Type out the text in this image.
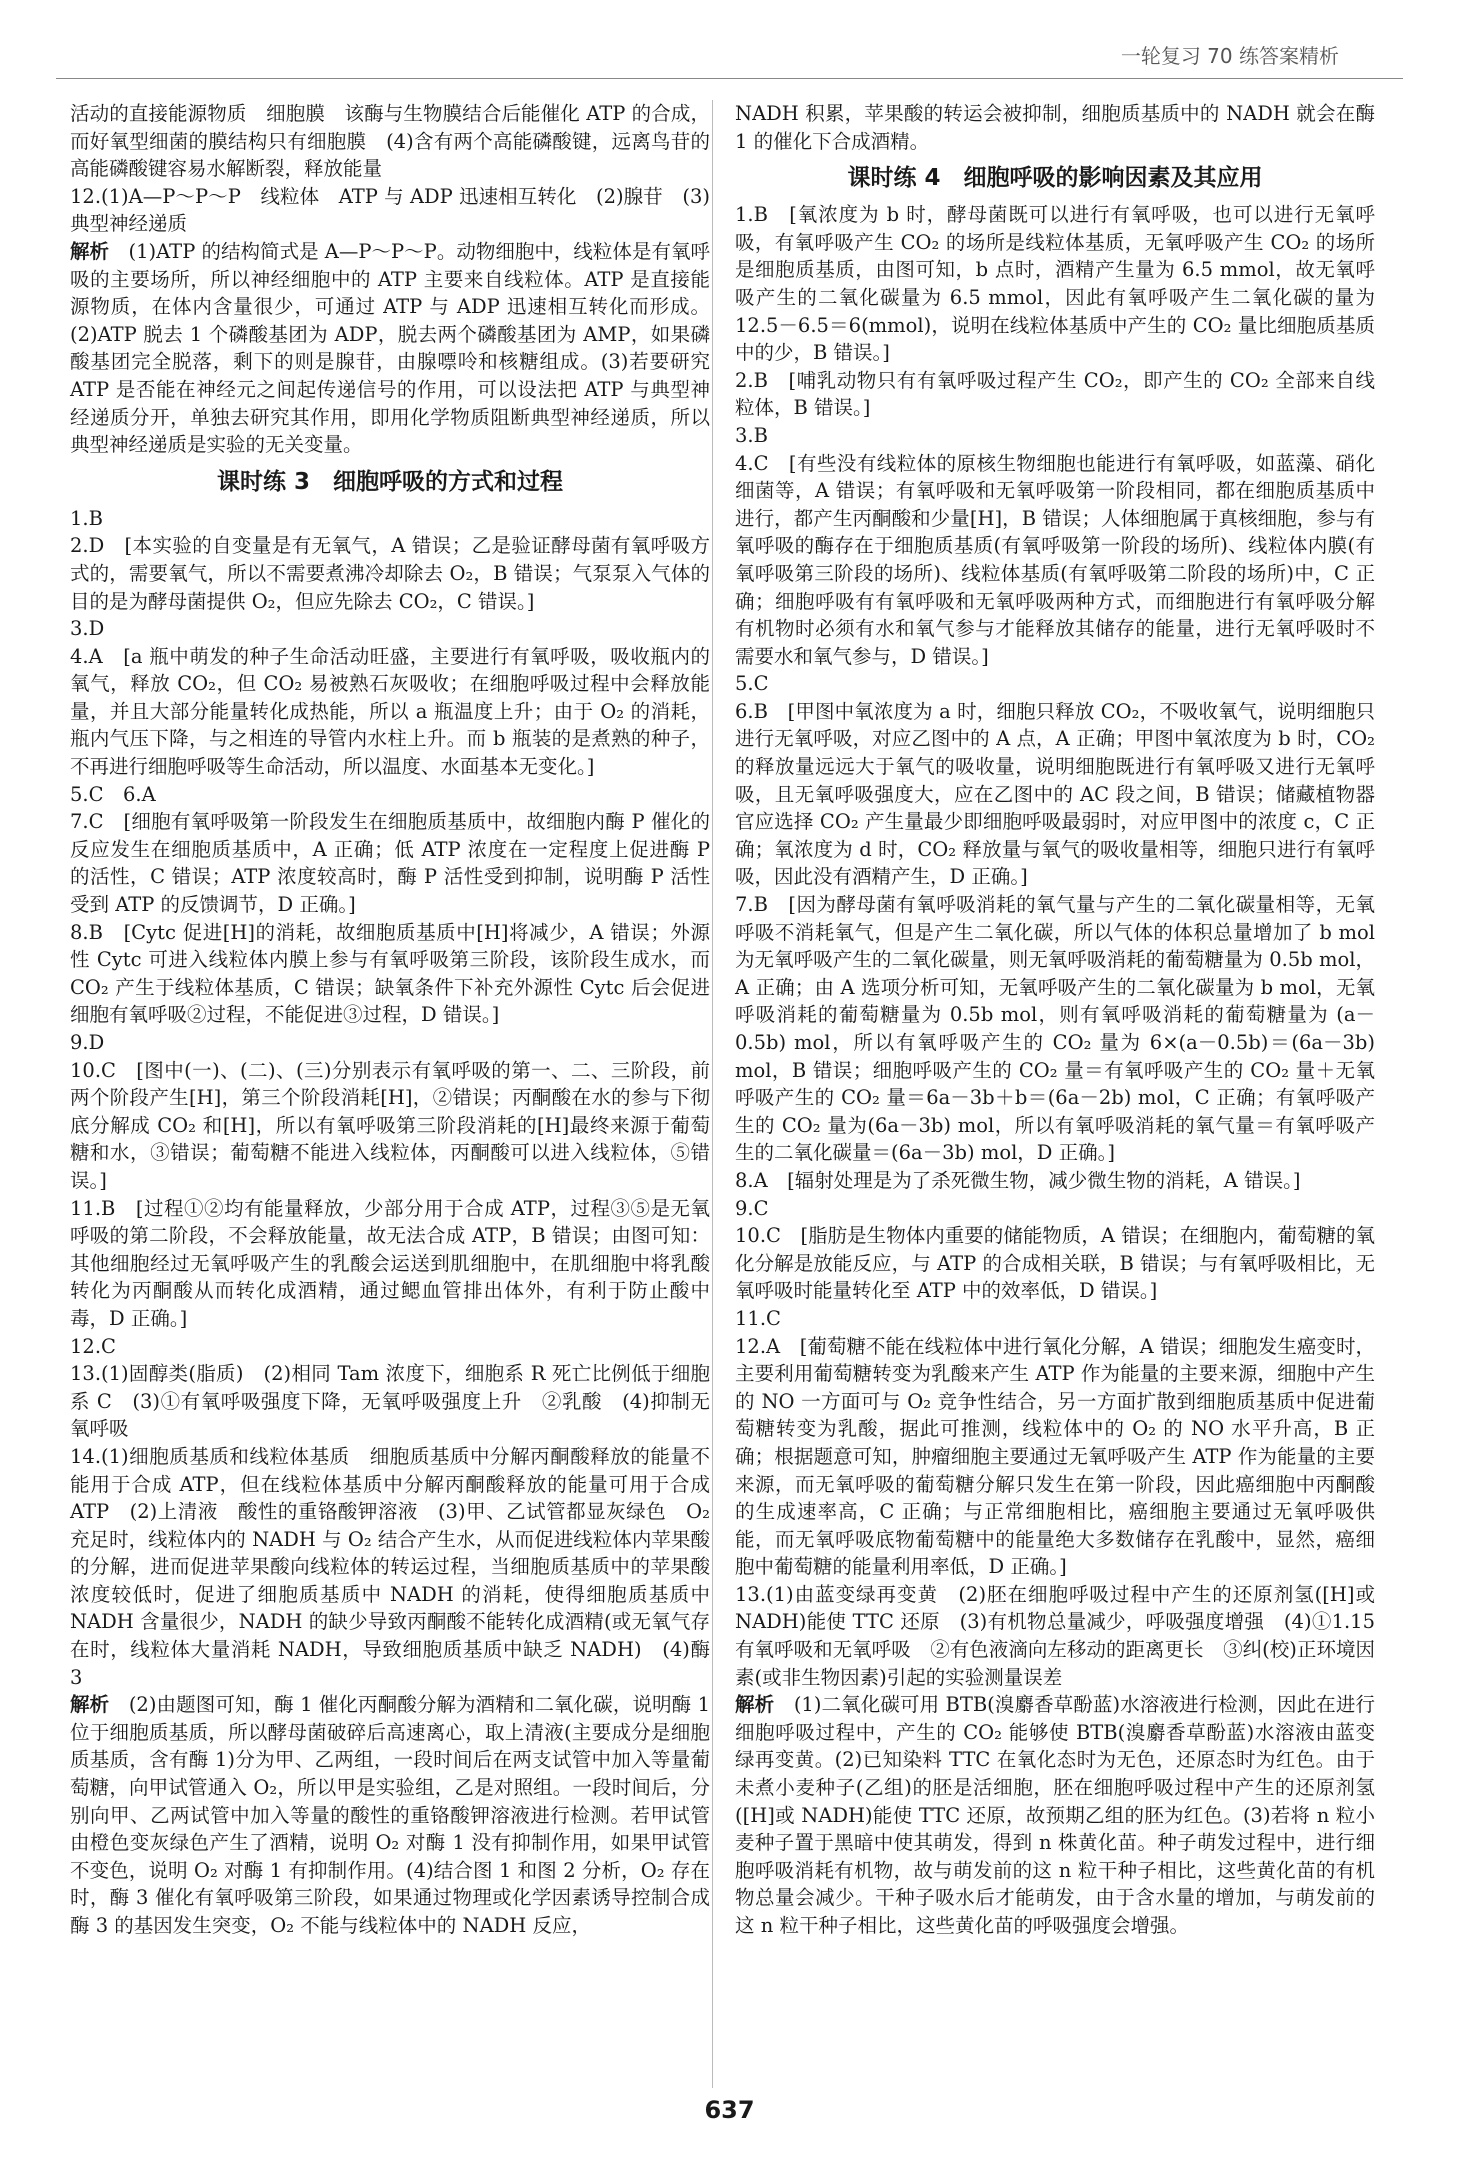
一轮复习 70 练答案精析

活动的直接能源物质　细胞膜　该酶与生物膜结合后能催化 ATP 的合成，而好氧型细菌的膜结构只有细胞膜　(4)含有两个高能磷酸键，远离鸟苷的高能磷酸键容易水解断裂，释放能量

12.(1)A—P～P～P　线粒体　ATP 与 ADP 迅速相互转化　(2)腺苷　(3)典型神经递质

解析　 (1)ATP 的结构简式是 A—P～P～P。动物细胞中，线粒体是有氧呼吸的主要场所，所以神经细胞中的 ATP 主要来自线粒体。ATP 是直接能源物质，在体内含量很少，可通过 ATP 与 ADP 迅速相互转化而形成。(2)ATP 脱去 1 个磷酸基团为 ADP，脱去两个磷酸基团为 AMP，如果磷酸基团完全脱落，剩下的则是腺苷，由腺嘌呤和核糖组成。(3)若要研究 ATP 是否能在神经元之间起传递信号的作用，可以设法把 ATP 与典型神经递质分开，单独去研究其作用，即用化学物质阻断典型神经递质，所以典型神经递质是实验的无关变量。

课时练 3　细胞呼吸的方式和过程

1.B

2.D　[本实验的自变量是有无氧气，A 错误；乙是验证酵母菌有氧呼吸方式的，需要氧气，所以不需要煮沸冷却除去 O₂，B 错误；气泵泵入气体的目的是为酵母菌提供 O₂，但应先除去 CO₂，C 错误。]

3.D

4.A　[a 瓶中萌发的种子生命活动旺盛，主要进行有氧呼吸，吸收瓶内的氧气，释放 CO₂，但 CO₂ 易被熟石灰吸收；在细胞呼吸过程中会释放能量，并且大部分能量转化成热能，所以 a 瓶温度上升；由于 O₂ 的消耗，瓶内气压下降，与之相连的导管内水柱上升。而 b 瓶装的是煮熟的种子，不再进行细胞呼吸等生命活动，所以温度、水面基本无变化。]

5.C　6.A

7.C　[细胞有氧呼吸第一阶段发生在细胞质基质中，故细胞内酶 P 催化的反应发生在细胞质基质中，A 正确；低 ATP 浓度在一定程度上促进酶 P 的活性，C 错误；ATP 浓度较高时，酶 P 活性受到抑制，说明酶 P 活性受到 ATP 的反馈调节，D 正确。]

8.B　[Cytc 促进[H]的消耗，故细胞质基质中[H]将减少，A 错误；外源性 Cytc 可进入线粒体内膜上参与有氧呼吸第三阶段，该阶段生成水，而 CO₂ 产生于线粒体基质，C 错误；缺氧条件下补充外源性 Cytc 后会促进细胞有氧呼吸②过程，不能促进③过程，D 错误。]

9.D

10.C　[图中(一)、(二)、(三)分别表示有氧呼吸的第一、二、三阶段，前两个阶段产生[H]，第三个阶段消耗[H]，②错误；丙酮酸在水的参与下彻底分解成 CO₂ 和[H]，所以有氧呼吸第三阶段消耗的[H]最终来源于葡萄糖和水，③错误；葡萄糖不能进入线粒体，丙酮酸可以进入线粒体，⑤错误。]

11.B　[过程①②均有能量释放，少部分用于合成 ATP，过程③⑤是无氧呼吸的第二阶段，不会释放能量，故无法合成 ATP，B 错误；由图可知：其他细胞经过无氧呼吸产生的乳酸会运送到肌细胞中，在肌细胞中将乳酸转化为丙酮酸从而转化成酒精，通过鳃血管排出体外，有利于防止酸中毒，D 正确。]

12.C

13.(1)固醇类(脂质)　(2)相同 Tam 浓度下，细胞系 R 死亡比例低于细胞系 C　(3)①有氧呼吸强度下降，无氧呼吸强度上升　②乳酸　(4)抑制无氧呼吸

14.(1)细胞质基质和线粒体基质　细胞质基质中分解丙酮酸释放的能量不能用于合成 ATP，但在线粒体基质中分解丙酮酸释放的能量可用于合成 ATP　(2)上清液　酸性的重铬酸钾溶液　(3)甲、乙试管都显灰绿色　O₂ 充足时，线粒体内的 NADH 与 O₂ 结合产生水，从而促进线粒体内苹果酸的分解，进而促进苹果酸向线粒体的转运过程，当细胞质基质中的苹果酸浓度较低时，促进了细胞质基质中 NADH 的消耗，使得细胞质基质中 NADH 含量很少，NADH 的缺少导致丙酮酸不能转化成酒精(或无氧气存在时，线粒体大量消耗 NADH，导致细胞质基质中缺乏 NADH)　(4)酶 3

解析　 (2)由题图可知，酶 1 催化丙酮酸分解为酒精和二氧化碳，说明酶 1 位于细胞质基质，所以酵母菌破碎后高速离心，取上清液(主要成分是细胞质基质，含有酶 1)分为甲、乙两组，一段时间后在两支试管中加入等量葡萄糖，向甲试管通入 O₂，所以甲是实验组，乙是对照组。一段时间后，分别向甲、乙两试管中加入等量的酸性的重铬酸钾溶液进行检测。若甲试管由橙色变灰绿色产生了酒精，说明 O₂ 对酶 1 没有抑制作用，如果甲试管不变色，说明 O₂ 对酶 1 有抑制作用。(4)结合图 1 和图 2 分析，O₂ 存在时，酶 3 催化有氧呼吸第三阶段，如果通过物理或化学因素诱导控制合成酶 3 的基因发生突变，O₂ 不能与线粒体中的 NADH 反应，

NADH 积累，苹果酸的转运会被抑制，细胞质基质中的 NADH 就会在酶 1 的催化下合成酒精。

课时练 4　细胞呼吸的影响因素及其应用

1.B　[氧浓度为 b 时，酵母菌既可以进行有氧呼吸，也可以进行无氧呼吸，有氧呼吸产生 CO₂ 的场所是线粒体基质，无氧呼吸产生 CO₂ 的场所是细胞质基质，由图可知，b 点时，酒精产生量为 6.5 mmol，故无氧呼吸产生的二氧化碳量为 6.5 mmol，因此有氧呼吸产生二氧化碳的量为 12.5－6.5＝6(mmol)，说明在线粒体基质中产生的 CO₂ 量比细胞质基质中的少，B 错误。]

2.B　[哺乳动物只有有氧呼吸过程产生 CO₂，即产生的 CO₂ 全部来自线粒体，B 错误。]

3.B

4.C　[有些没有线粒体的原核生物细胞也能进行有氧呼吸，如蓝藻、硝化细菌等，A 错误；有氧呼吸和无氧呼吸第一阶段相同，都在细胞质基质中进行，都产生丙酮酸和少量[H]，B 错误；人体细胞属于真核细胞，参与有氧呼吸的酶存在于细胞质基质(有氧呼吸第一阶段的场所)、线粒体内膜(有氧呼吸第三阶段的场所)、线粒体基质(有氧呼吸第二阶段的场所)中，C 正确；细胞呼吸有有氧呼吸和无氧呼吸两种方式，而细胞进行有氧呼吸分解有机物时必须有水和氧气参与才能释放其储存的能量，进行无氧呼吸时不需要水和氧气参与，D 错误。]

5.C

6.B　[甲图中氧浓度为 a 时，细胞只释放 CO₂，不吸收氧气，说明细胞只进行无氧呼吸，对应乙图中的 A 点，A 正确；甲图中氧浓度为 b 时，CO₂ 的释放量远远大于氧气的吸收量，说明细胞既进行有氧呼吸又进行无氧呼吸，且无氧呼吸强度大，应在乙图中的 AC 段之间，B 错误；储藏植物器官应选择 CO₂ 产生量最少即细胞呼吸最弱时，对应甲图中的浓度 c，C 正确；氧浓度为 d 时，CO₂ 释放量与氧气的吸收量相等，细胞只进行有氧呼吸，因此没有酒精产生，D 正确。]

7.B　[因为酵母菌有氧呼吸消耗的氧气量与产生的二氧化碳量相等，无氧呼吸不消耗氧气，但是产生二氧化碳，所以气体的体积总量增加了 b mol 为无氧呼吸产生的二氧化碳量，则无氧呼吸消耗的葡萄糖量为 0.5b mol，A 正确；由 A 选项分析可知，无氧呼吸产生的二氧化碳量为 b mol，无氧呼吸消耗的葡萄糖量为 0.5b mol，则有氧呼吸消耗的葡萄糖量为 (a－0.5b) mol，所以有氧呼吸产生的 CO₂ 量为 6×(a－0.5b)＝(6a－3b) mol，B 错误；细胞呼吸产生的 CO₂ 量＝有氧呼吸产生的 CO₂ 量＋无氧呼吸产生的 CO₂ 量＝6a－3b＋b＝(6a－2b) mol，C 正确；有氧呼吸产生的 CO₂ 量为(6a－3b) mol，所以有氧呼吸消耗的氧气量＝有氧呼吸产生的二氧化碳量＝(6a－3b) mol，D 正确。]

8.A　[辐射处理是为了杀死微生物，减少微生物的消耗，A 错误。]

9.C

10.C　[脂肪是生物体内重要的储能物质，A 错误；在细胞内，葡萄糖的氧化分解是放能反应，与 ATP 的合成相关联，B 错误；与有氧呼吸相比，无氧呼吸时能量转化至 ATP 中的效率低，D 错误。]

11.C

12.A　[葡萄糖不能在线粒体中进行氧化分解，A 错误；细胞发生癌变时，主要利用葡萄糖转变为乳酸来产生 ATP 作为能量的主要来源，细胞中产生的 NO 一方面可与 O₂ 竞争性结合，另一方面扩散到细胞质基质中促进葡萄糖转变为乳酸，据此可推测，线粒体中的 O₂ 的 NO 水平升高，B 正确；根据题意可知，肿瘤细胞主要通过无氧呼吸产生 ATP 作为能量的主要来源，而无氧呼吸的葡萄糖分解只发生在第一阶段，因此癌细胞中丙酮酸的生成速率高，C 正确；与正常细胞相比，癌细胞主要通过无氧呼吸供能，而无氧呼吸底物葡萄糖中的能量绝大多数储存在乳酸中，显然，癌细胞中葡萄糖的能量利用率低，D 正确。]

13.(1)由蓝变绿再变黄　(2)胚在细胞呼吸过程中产生的还原剂氢([H]或 NADH)能使 TTC 还原　(3)有机物总量减少，呼吸强度增强　(4)①1.15　有氧呼吸和无氧呼吸　②有色液滴向左移动的距离更长　③纠(校)正环境因素(或非生物因素)引起的实验测量误差

解析　 (1)二氧化碳可用 BTB(溴麝香草酚蓝)水溶液进行检测，因此在进行细胞呼吸过程中，产生的 CO₂ 能够使 BTB(溴麝香草酚蓝)水溶液由蓝变绿再变黄。(2)已知染料 TTC 在氧化态时为无色，还原态时为红色。由于未煮小麦种子(乙组)的胚是活细胞，胚在细胞呼吸过程中产生的还原剂氢([H]或 NADH)能使 TTC 还原，故预期乙组的胚为红色。(3)若将 n 粒小麦种子置于黑暗中使其萌发，得到 n 株黄化苗。种子萌发过程中，进行细胞呼吸消耗有机物，故与萌发前的这 n 粒干种子相比，这些黄化苗的有机物总量会减少。干种子吸水后才能萌发，由于含水量的增加，与萌发前的这 n 粒干种子相比，这些黄化苗的呼吸强度会增强。

637
